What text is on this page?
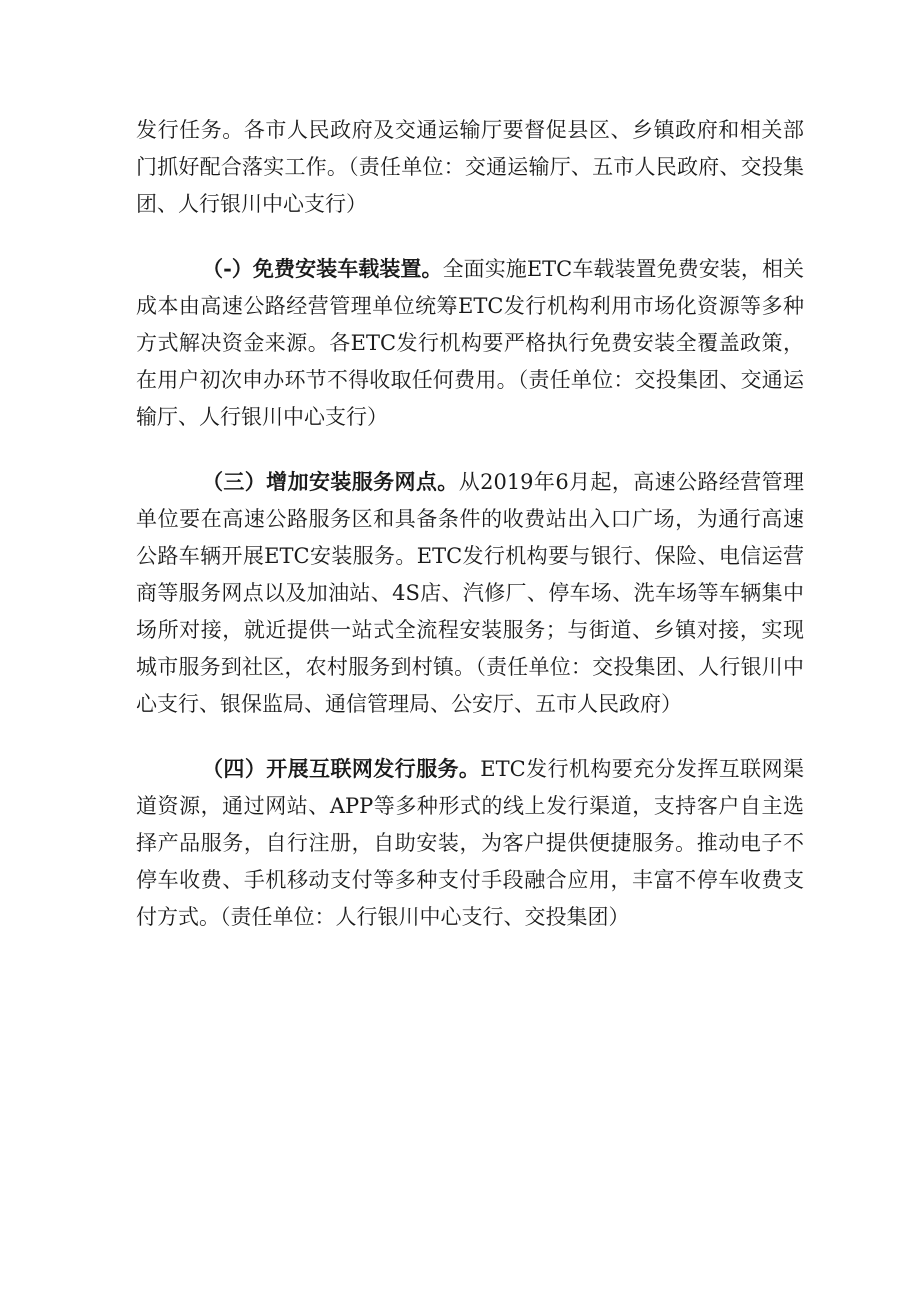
发行任务。各市人民政府及交通运输厅要督促县区、乡镇政府和相关部门抓好配合落实工作。（责任单位：交通运输厅、五市人民政府、交投集团、人行银川中心支行）

（-）免费安装车载装置。全面实施ETC车载装置免费安装，相关成本由高速公路经营管理单位统筹ETC发行机构利用市场化资源等多种方式解决资金来源。各ETC发行机构要严格执行免费安装全覆盖政策，在用户初次申办环节不得收取任何费用。（责任单位：交投集团、交通运输厅、人行银川中心支行）

（三）增加安装服务网点。从2019年6月起，高速公路经营管理单位要在高速公路服务区和具备条件的收费站出入口广场，为通行高速公路车辆开展ETC安装服务。ETC发行机构要与银行、保险、电信运营商等服务网点以及加油站、4S店、汽修厂、停车场、洗车场等车辆集中场所对接，就近提供一站式全流程安装服务；与街道、乡镇对接，实现城市服务到社区，农村服务到村镇。（责任单位：交投集团、人行银川中心支行、银保监局、通信管理局、公安厅、五市人民政府）

（四）开展互联网发行服务。ETC发行机构要充分发挥互联网渠道资源，通过网站、APP等多种形式的线上发行渠道，支持客户自主选择产品服务，自行注册，自助安装，为客户提供便捷服务。推动电子不停车收费、手机移动支付等多种支付手段融合应用，丰富不停车收费支付方式。（责任单位：人行银川中心支行、交投集团）
